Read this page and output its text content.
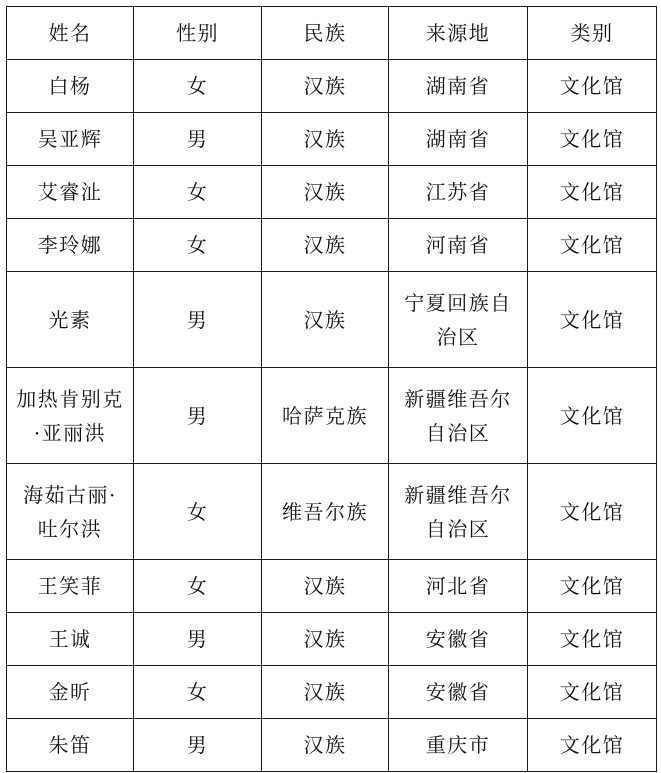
姓名	性别	民族	来源地	类别
白杨	女	汉族	湖南省	文化馆
吴亚辉	男	汉族	湖南省	文化馆
艾睿沚	女	汉族	江苏省	文化馆
李玲娜	女	汉族	河南省	文化馆
光素	男	汉族	宁夏回族自治区	文化馆
加热肯别克·亚丽洪	男	哈萨克族	新疆维吾尔自治区	文化馆
海茹古丽·吐尔洪	女	维吾尔族	新疆维吾尔自治区	文化馆
王笑菲	女	汉族	河北省	文化馆
王诚	男	汉族	安徽省	文化馆
金昕	女	汉族	安徽省	文化馆
朱笛	男	汉族	重庆市	文化馆
